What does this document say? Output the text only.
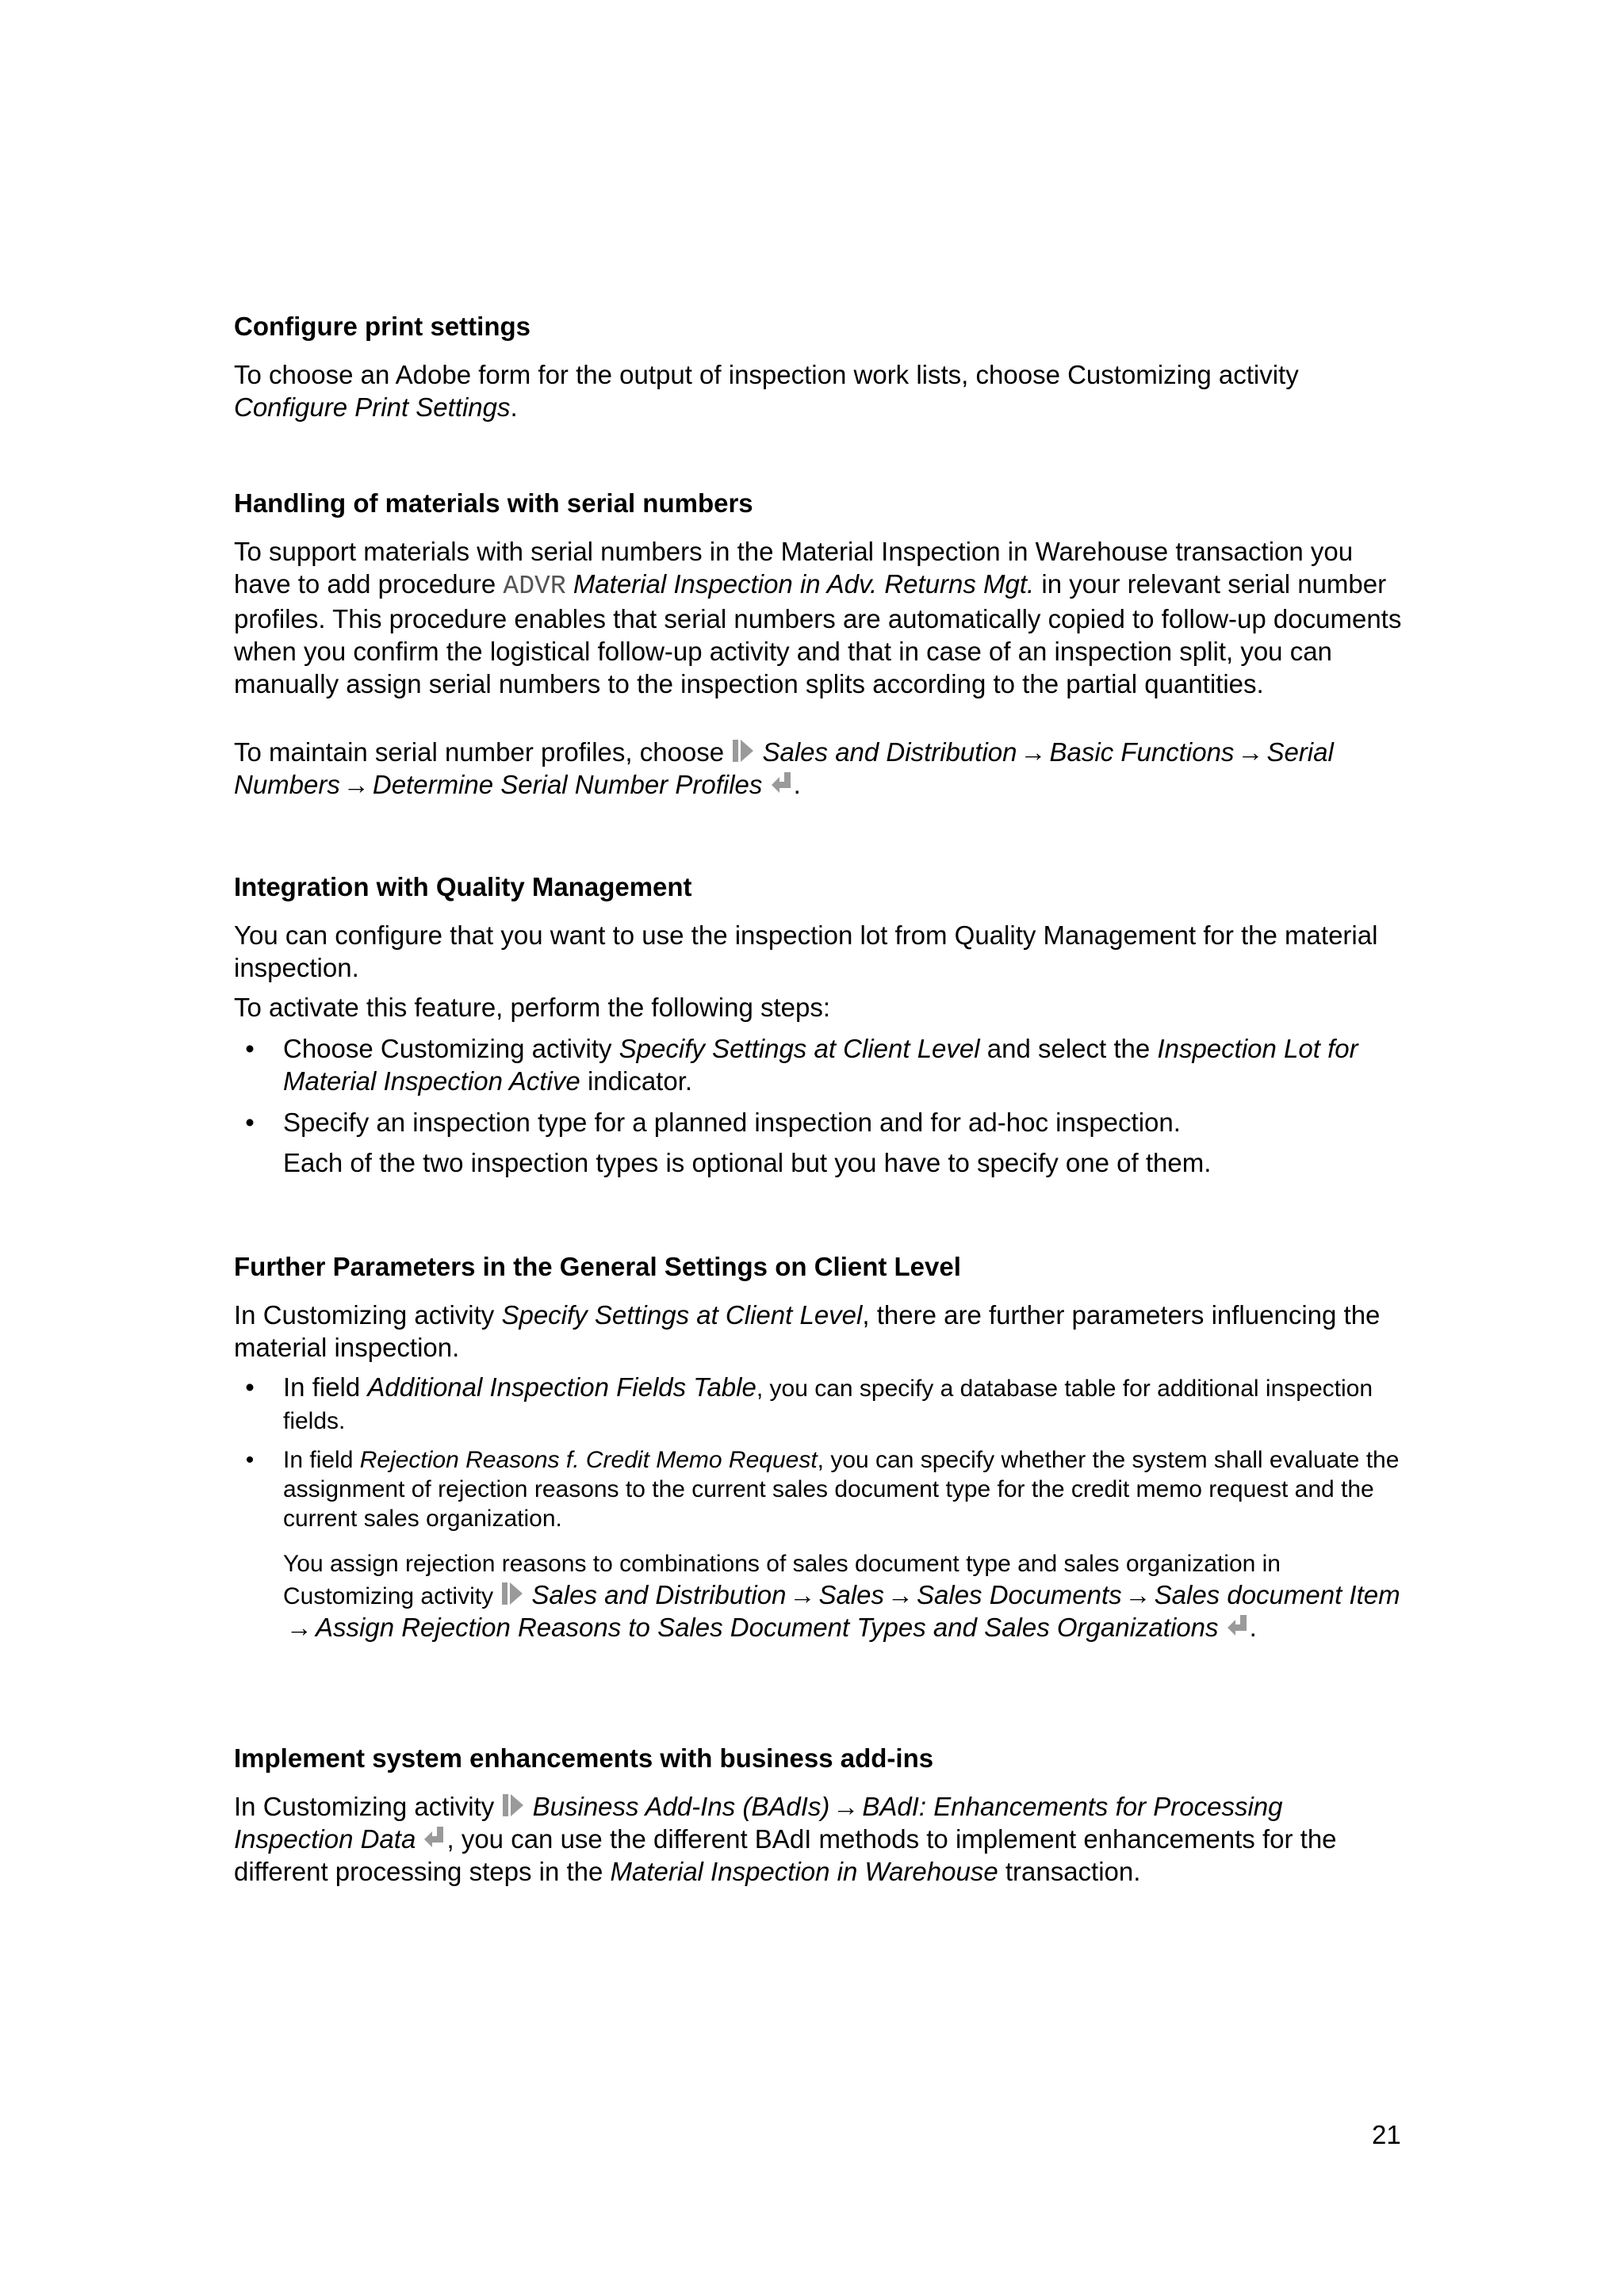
Configure print settings

To choose an Adobe form for the output of inspection work lists, choose Customizing activity Configure Print Settings.

Handling of materials with serial numbers

To support materials with serial numbers in the Material Inspection in Warehouse transaction you have to add procedure ADVR Material Inspection in Adv. Returns Mgt. in your relevant serial number profiles. This procedure enables that serial numbers are automatically copied to follow-up documents when you confirm the logistical follow-up activity and that in case of an inspection split, you can manually assign serial numbers to the inspection splits according to the partial quantities.

To maintain serial number profiles, choose Sales and Distribution → Basic Functions → Serial Numbers → Determine Serial Number Profiles .

Integration with Quality Management

You can configure that you want to use the inspection lot from Quality Management for the material inspection.

To activate this feature, perform the following steps:

•	Choose Customizing activity Specify Settings at Client Level and select the Inspection Lot for Material Inspection Active indicator.
•	Specify an inspection type for a planned inspection and for ad-hoc inspection.

Each of the two inspection types is optional but you have to specify one of them.

Further Parameters in the General Settings on Client Level

In Customizing activity Specify Settings at Client Level, there are further parameters influencing the material inspection.

•	In field Additional Inspection Fields Table, you can specify a database table for additional inspection fields.
•	In field Rejection Reasons f. Credit Memo Request, you can specify whether the system shall evaluate the assignment of rejection reasons to the current sales document type for the credit memo request and the current sales organization.

You assign rejection reasons to combinations of sales document type and sales organization in Customizing activity Sales and Distribution → Sales → Sales Documents → Sales document Item → Assign Rejection Reasons to Sales Document Types and Sales Organizations .

Implement system enhancements with business add-ins

In Customizing activity Business Add-Ins (BAdIs) → BAdI: Enhancements for Processing Inspection Data , you can use the different BAdI methods to implement enhancements for the different processing steps in the Material Inspection in Warehouse transaction.

21
